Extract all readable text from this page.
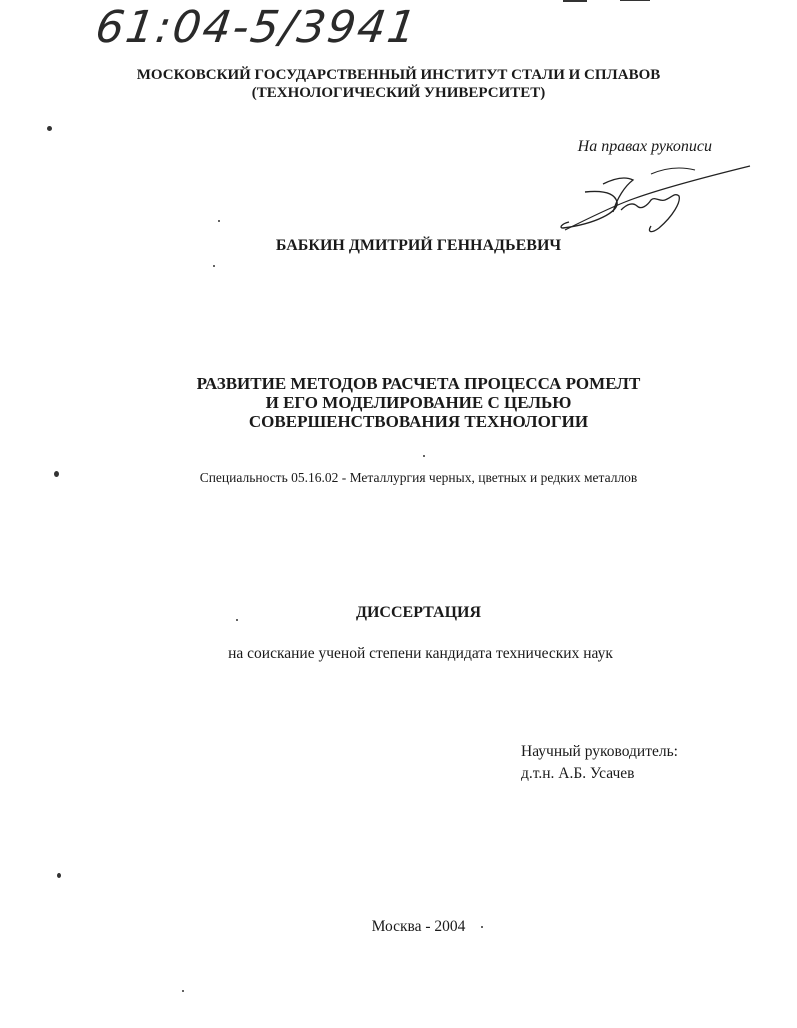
61:04-5/3941
МОСКОВСКИЙ ГОСУДАРСТВЕННЫЙ ИНСТИТУТ СТАЛИ И СПЛАВОВ
(ТЕХНОЛОГИЧЕСКИЙ УНИВЕРСИТЕТ)
На правах рукописи
Бабкин
БАБКИН ДМИТРИЙ ГЕННАДЬЕВИЧ
РАЗВИТИЕ МЕТОДОВ РАСЧЕТА ПРОЦЕССА РОМЕЛТ
И ЕГО МОДЕЛИРОВАНИЕ С ЦЕЛЬЮ
СОВЕРШЕНСТВОВАНИЯ ТЕХНОЛОГИИ
Специальность 05.16.02 - Металлургия черных, цветных и редких металлов
ДИССЕРТАЦИЯ
на соискание ученой степени кандидата технических наук
Научный руководитель:
д.т.н. А.Б. Усачев
Москва - 2004
